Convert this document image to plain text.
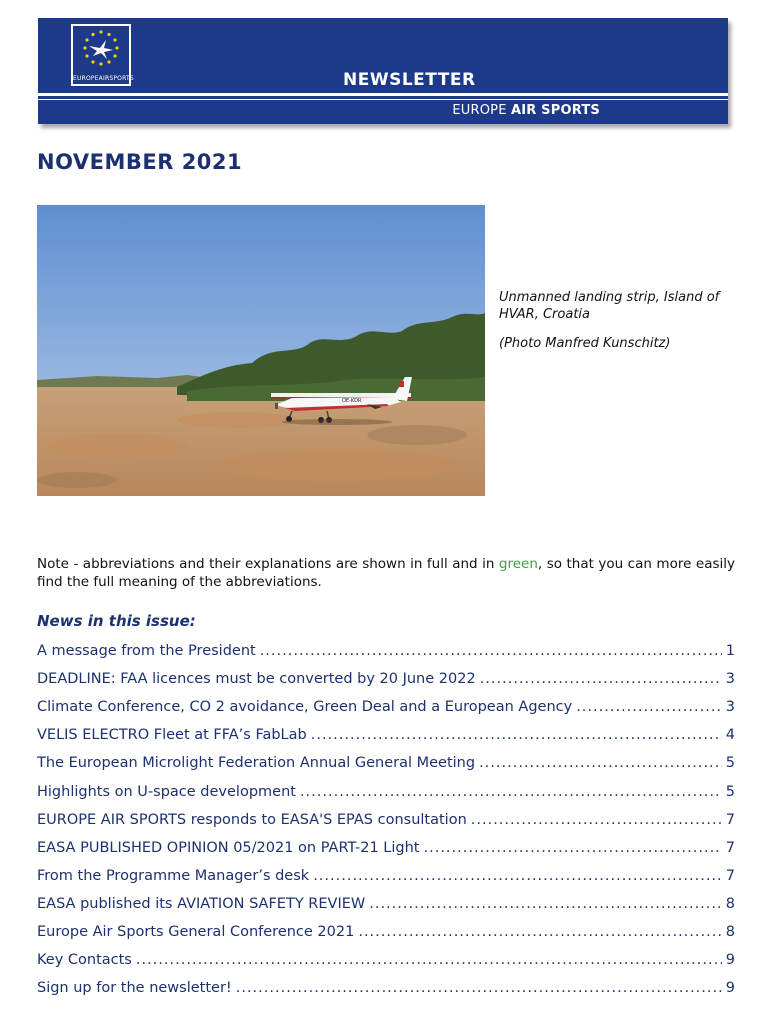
EUROPEAIRSPORTS	NEWSLETTER
EUROPE AIR SPORTS
NOVEMBER 2021
OE-KDR

Unmanned landing strip, Island of HVAR, Croatia

(Photo Manfred Kunschitz)

Note - abbreviations and their explanations are shown in full and in green, so that you can more easily find the full meaning of the abbreviations.

News in this issue:
A message from the President .....	1
DEADLINE: FAA licences must be converted by 20 June 2022 .....	3
Climate Conference, CO 2 avoidance, Green Deal and a European Agency .....	3
VELIS ELECTRO Fleet at FFA’s FabLab .....	4
The European Microlight Federation Annual General Meeting .....	5
Highlights on U-space development .....	5
EUROPE AIR SPORTS responds to EASA'S EPAS consultation .....	7
EASA PUBLISHED OPINION 05/2021 on PART-21 Light .....	7
From the Programme Manager’s desk .....	7
EASA published its AVIATION SAFETY REVIEW .....	8
Europe Air Sports General Conference 2021 .....	8
Key Contacts .....	9
Sign up for the newsletter! .....	9
